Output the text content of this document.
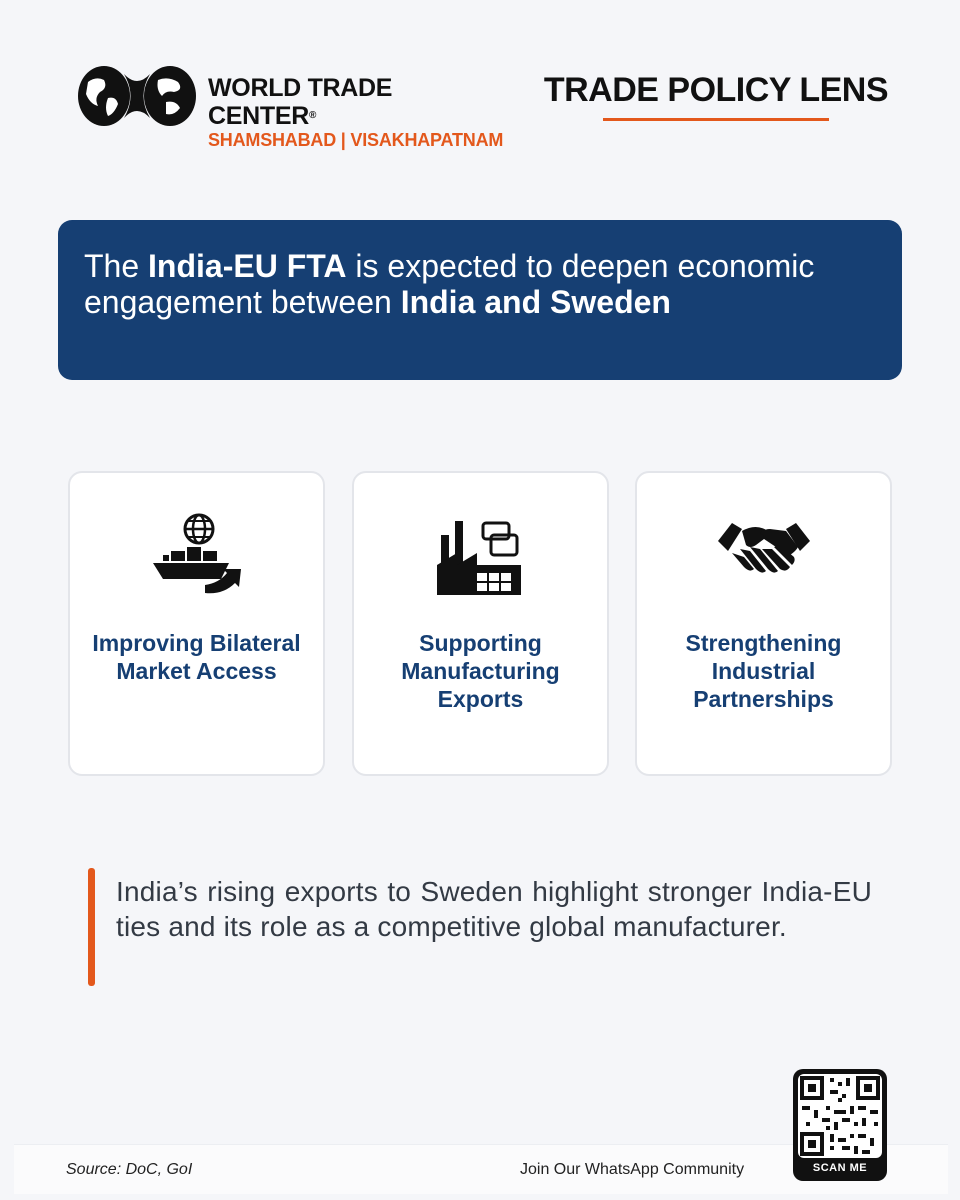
WORLD TRADE CENTER®
SHAMSHABAD | VISAKHAPATNAM
TRADE POLICY LENS
The India-EU FTA is expected to deepen economic engagement between India and Sweden
Improving Bilateral Market Access
Supporting Manufacturing Exports
Strengthening Industrial Partnerships
India’s rising exports to Sweden highlight stronger India-EU ties and its role as a competitive global manufacturer.
Source: DoC, GoI	Join Our WhatsApp Community	SCAN ME
